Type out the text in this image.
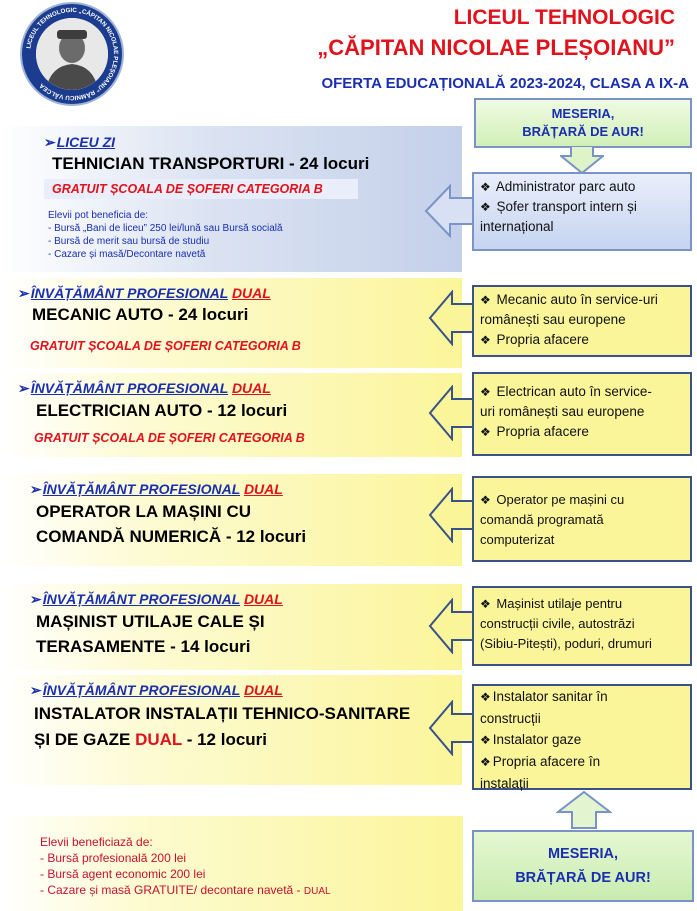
LICEUL TEHNOLOGIC „CĂPITAN NICOLAE PLEȘOIANU” RÂMNICU VÂLCEA
LICEUL TEHNOLOGIC
„CĂPITAN NICOLAE PLEȘOIANU”
OFERTA EDUCAȚIONALĂ 2023-2024, CLASA A IX-A
MESERIA,
BRĂȚARĂ DE AUR!
➢LICEU ZI
TEHNICIAN TRANSPORTURI - 24 locuri
GRATUIT ȘCOALA DE ȘOFERI CATEGORIA B
Elevii pot beneficia de:
- Bursă „Bani de liceu” 250 lei/lună sau Bursă socială
- Bursă de merit sau bursă de studiu
- Cazare și masă/Decontare navetă
❖ Administrator parc auto
❖ Șofer transport intern și
internațional
➢ÎNVĂȚĂMÂNT PROFESIONAL DUAL
MECANIC AUTO - 24 locuri
GRATUIT ȘCOALA DE ȘOFERI CATEGORIA B
❖ Mecanic auto în service-uri
românești sau europene
❖ Propria afacere
➢ÎNVĂȚĂMÂNT PROFESIONAL DUAL
ELECTRICIAN AUTO - 12 locuri
GRATUIT ȘCOALA DE ȘOFERI CATEGORIA B
❖ Electrican auto în service-
uri românești sau europene
❖ Propria afacere
➢ÎNVĂȚĂMÂNT PROFESIONAL DUAL
OPERATOR LA MAȘINI CU
COMANDĂ NUMERICĂ - 12 locuri
❖ Operator pe mașini cu
comandă programată
computerizat
➢ÎNVĂȚĂMÂNT PROFESIONAL DUAL
MAȘINIST UTILAJE CALE ȘI
TERASAMENTE - 14 locuri
❖ Mașinist utilaje pentru
construcții civile, autostrăzi
(Sibiu-Pitești), poduri, drumuri
➢ÎNVĂȚĂMÂNT PROFESIONAL DUAL
INSTALATOR INSTALAȚII TEHNICO-SANITARE
ȘI DE GAZE DUAL - 12 locuri
❖ Instalator sanitar în
construcții
❖ Instalator gaze
❖ Propria afacere în
instalații
Elevii beneficiază de:
- Bursă profesională 200 lei
- Bursă agent economic 200 lei
- Cazare și masă GRATUITE/ decontare navetă - DUAL
MESERIA,
BRĂȚARĂ DE AUR!
